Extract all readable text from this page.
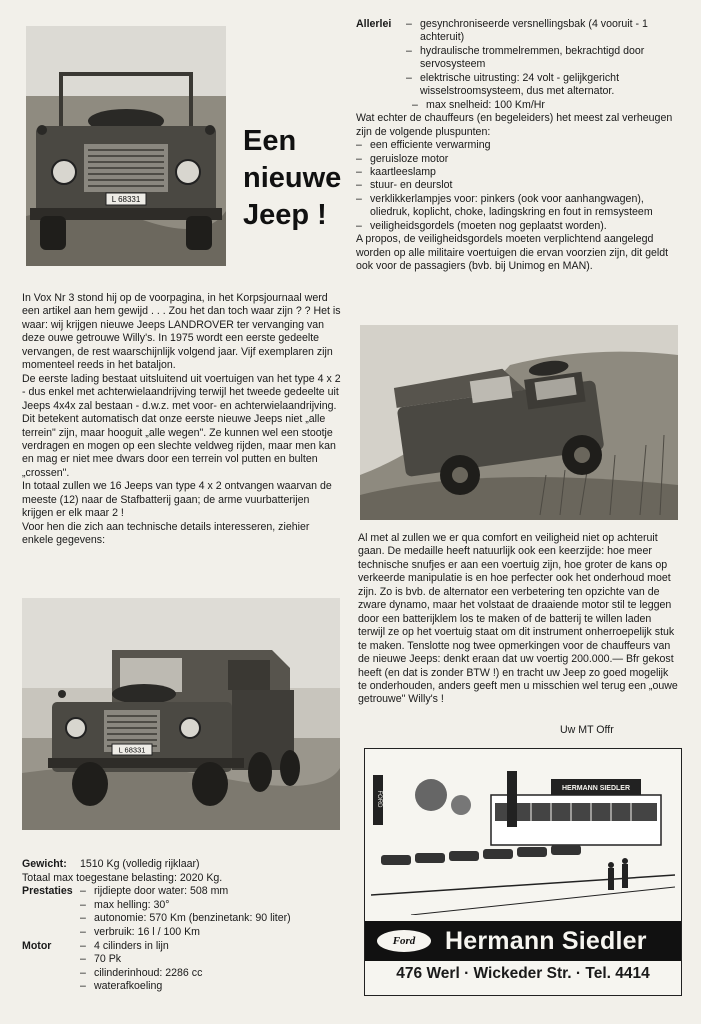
L 68331
Een
nieuwe
Jeep !

In Vox Nr 3 stond hij op de voorpagina, in het Korpsjournaal werd een artikel aan hem gewijd . . . Zou het dan toch waar zijn ? ? Het is waar: wij krijgen nieuwe Jeeps LANDROVER ter vervanging van deze ouwe getrouwe Willy's. In 1975 wordt een eerste gedeelte vervangen, de rest waarschijnlijk volgend jaar. Vijf exemplaren zijn momenteel reeds in het bataljon.

De eerste lading bestaat uitsluitend uit voertuigen van het type 4 x 2 - dus enkel met achterwielaandrijving terwijl het tweede gedeelte uit Jeeps 4x4x zal bestaan - d.w.z. met voor- en achterwielaandrijving.

Dit betekent automatisch dat onze eerste nieuwe Jeeps niet „alle terrein" zijn, maar hooguit „alle wegen". Ze kunnen wel een stootje verdragen en mogen op een slechte veldweg rijden, maar men kan en mag er niet mee dwars door een terrein vol putten en bulten „crossen".

In totaal zullen we 16 Jeeps van type 4 x 2 ontvangen waarvan de meeste (12) naar de Stafbatterij gaan; de arme vuurbatterijen krijgen er elk maar 2 !

Voor hen die zich aan technische details interesseren, ziehier enkele gegevens:

L 68331
Gewicht:	1510 Kg (volledig rijklaar)
Totaal max toegestane belasting: 2020 Kg.
Prestaties – rijdiepte door water: 508 mm
– max helling: 30°
– autonomie: 570 Km (benzinetank: 90 liter)
– verbruik: 16 l / 100 Km
Motor	– 4 cilinders in lijn
– 70 Pk
– cilinderinhoud: 2286 cc
– waterafkoeling
Allerlei	– gesynchroniseerde versnellingsbak (4 vooruit - 1 achteruit)
– hydraulische trommelremmen, bekrachtigd door servosysteem
– elektrische uitrusting: 24 volt - gelijkgericht wisselstroomsysteem, dus met alternator.
– max snelheid: 100 Km/Hr
Wat echter de chauffeurs (en begeleiders) het meest zal verheugen zijn de volgende pluspunten:
– een efficiente verwarming
– geruisloze motor
– kaartleeslamp
– stuur- en deurslot
– verklikkerlampjes voor: pinkers (ook voor aanhangwagen), oliedruk, koplicht, choke, ladingskring en fout in remsysteem
– veiligheidsgordels (moeten nog geplaatst worden).
A propos, de veiligheidsgordels moeten verplichtend aangelegd worden op alle militaire voertuigen die ervan voorzien zijn, dit geldt ook voor de passagiers (bvb. bij Unimog en MAN).
Al met al zullen we er qua comfort en veiligheid niet op achteruit gaan. De medaille heeft natuurlijk ook een keerzijde: hoe meer technische snufjes er aan een voertuig zijn, hoe groter de kans op verkeerde manipulatie is en hoe perfecter ook het onderhoud moet zijn. Zo is bvb. de alternator een verbetering ten opzichte van de zware dynamo, maar het volstaat de draaiende motor stil te leggen door een batterijklem los te maken of de batterij te willen laden terwijl ze op het voertuig staat om dit instrument onherroepelijk stuk te maken. Tenslotte nog twee opmerkingen voor de chauffeurs van de nieuwe Jeeps: denkt eraan dat uw voertig 200.000.— Bfr gekost heeft (en dat is zonder BTW !) en tracht uw Jeep zo goed mogelijk te onderhouden, anders geeft men u misschien wel terug een „ouwe getrouwe" Willy's !
Uw MT Offr
HERMANN SIEDLER
FORD
Ford	Hermann Siedler
476 Werl · Wickeder Str. · Tel. 4414
